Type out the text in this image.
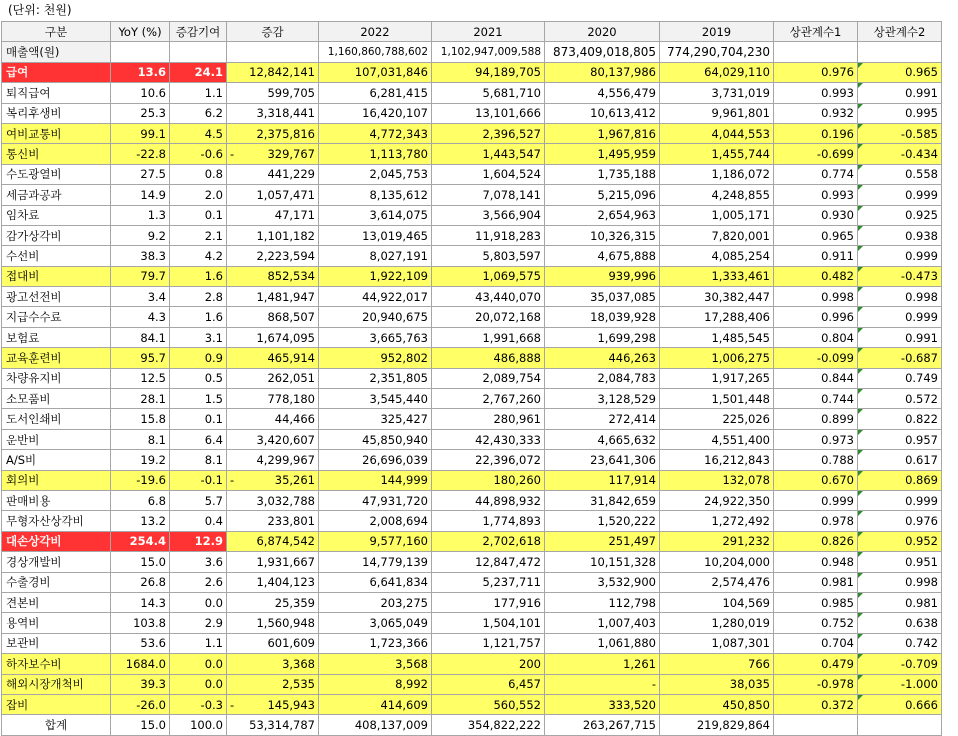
(단위: 천원)
구분	YoY (%)	증감기여	증감	2022	2021	2020	2019	상관계수1	상관계수2
매출액(원)				1,160,860,788,602	1,102,947,009,588	873,409,018,805	774,290,704,230		
급여	13.6	24.1	12,842,141	107,031,846	94,189,705	80,137,986	64,029,110	0.976	0.965
퇴직급여	10.6	1.1	599,705	6,281,415	5,681,710	4,556,479	3,731,019	0.993	0.991
복리후생비	25.3	6.2	3,318,441	16,420,107	13,101,666	10,613,412	9,961,801	0.932	0.995
여비교통비	99.1	4.5	2,375,816	4,772,343	2,396,527	1,967,816	4,044,553	0.196	-0.585
통신비	-22.8	-0.6	- 329,767	1,113,780	1,443,547	1,495,959	1,455,744	-0.699	-0.434
수도광열비	27.5	0.8	441,229	2,045,753	1,604,524	1,735,188	1,186,072	0.774	0.558
세금과공과	14.9	2.0	1,057,471	8,135,612	7,078,141	5,215,096	4,248,855	0.993	0.999
임차료	1.3	0.1	47,171	3,614,075	3,566,904	2,654,963	1,005,171	0.930	0.925
감가상각비	9.2	2.1	1,101,182	13,019,465	11,918,283	10,326,315	7,820,001	0.965	0.938
수선비	38.3	4.2	2,223,594	8,027,191	5,803,597	4,675,888	4,085,254	0.911	0.999
접대비	79.7	1.6	852,534	1,922,109	1,069,575	939,996	1,333,461	0.482	-0.473
광고선전비	3.4	2.8	1,481,947	44,922,017	43,440,070	35,037,085	30,382,447	0.998	0.998
지급수수료	4.3	1.6	868,507	20,940,675	20,072,168	18,039,928	17,288,406	0.996	0.999
보험료	84.1	3.1	1,674,095	3,665,763	1,991,668	1,699,298	1,485,545	0.804	0.991
교육훈련비	95.7	0.9	465,914	952,802	486,888	446,263	1,006,275	-0.099	-0.687
차량유지비	12.5	0.5	262,051	2,351,805	2,089,754	2,084,783	1,917,265	0.844	0.749
소모품비	28.1	1.5	778,180	3,545,440	2,767,260	3,128,529	1,501,448	0.744	0.572
도서인쇄비	15.8	0.1	44,466	325,427	280,961	272,414	225,026	0.899	0.822
운반비	8.1	6.4	3,420,607	45,850,940	42,430,333	4,665,632	4,551,400	0.973	0.957
A/S비	19.2	8.1	4,299,967	26,696,039	22,396,072	23,641,306	16,212,843	0.788	0.617
회의비	-19.6	-0.1	- 35,261	144,999	180,260	117,914	132,078	0.670	0.869
판매비용	6.8	5.7	3,032,788	47,931,720	44,898,932	31,842,659	24,922,350	0.999	0.999
무형자산상각비	13.2	0.4	233,801	2,008,694	1,774,893	1,520,222	1,272,492	0.978	0.976
대손상각비	254.4	12.9	6,874,542	9,577,160	2,702,618	251,497	291,232	0.826	0.952
경상개발비	15.0	3.6	1,931,667	14,779,139	12,847,472	10,151,328	10,204,000	0.948	0.951
수출경비	26.8	2.6	1,404,123	6,641,834	5,237,711	3,532,900	2,574,476	0.981	0.998
견본비	14.3	0.0	25,359	203,275	177,916	112,798	104,569	0.985	0.981
용역비	103.8	2.9	1,560,948	3,065,049	1,504,101	1,007,403	1,280,019	0.752	0.638
보관비	53.6	1.1	601,609	1,723,366	1,121,757	1,061,880	1,087,301	0.704	0.742
하자보수비	1684.0	0.0	3,368	3,568	200	1,261	766	0.479	-0.709
해외시장개척비	39.3	0.0	2,535	8,992	6,457	-	38,035	-0.978	-1.000
잡비	-26.0	-0.3	- 145,943	414,609	560,552	333,520	450,850	0.372	0.666
합계	15.0	100.0	53,314,787	408,137,009	354,822,222	263,267,715	219,829,864		
